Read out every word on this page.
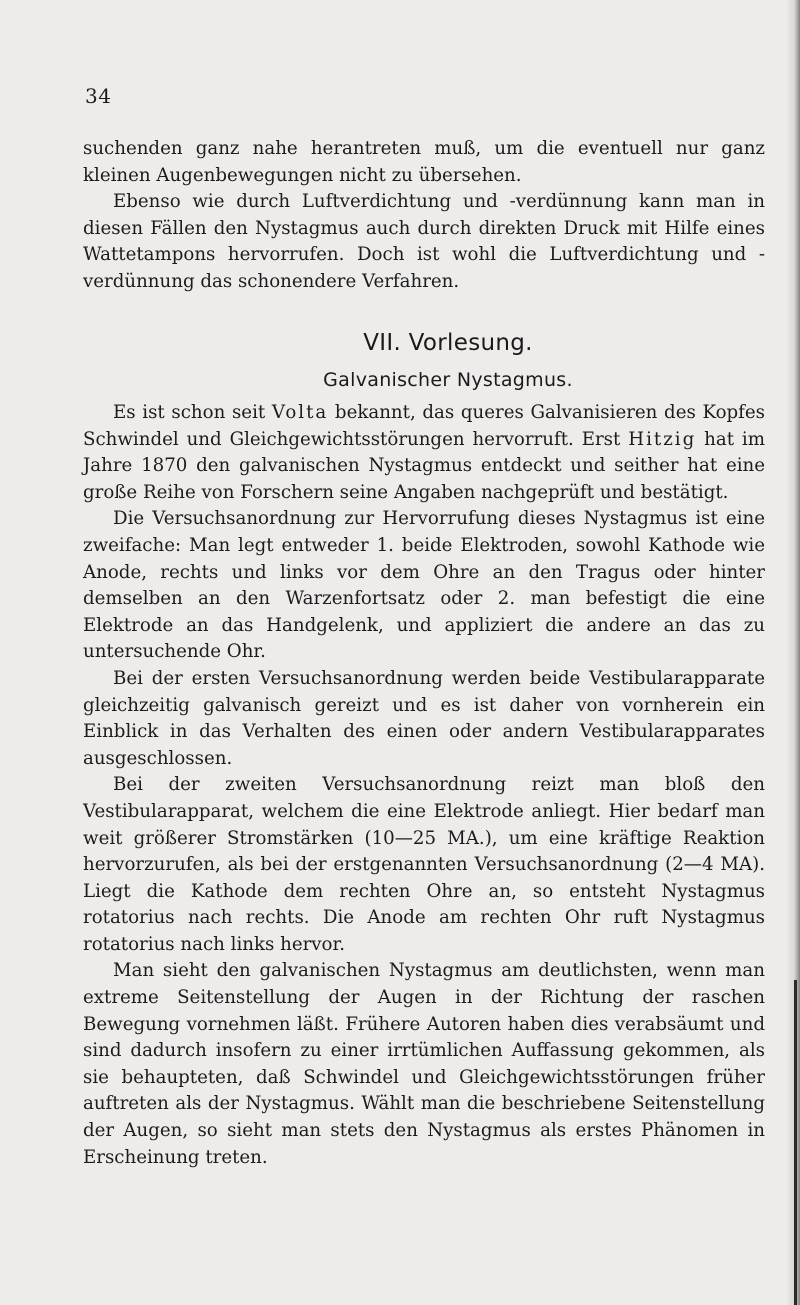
34

suchenden ganz nahe herantreten muß, um die eventuell nur ganz kleinen Augenbewegungen nicht zu übersehen.

Ebenso wie durch Luftverdichtung und -verdünnung kann man in diesen Fällen den Nystagmus auch durch direkten Druck mit Hilfe eines Wattetampons hervorrufen. Doch ist wohl die Luftverdichtung und -verdünnung das schonendere Verfahren.

VII. Vorlesung.
Galvanischer Nystagmus.

Es ist schon seit Volta bekannt, das queres Galvanisieren des Kopfes Schwindel und Gleichgewichtsstörungen hervorruft. Erst Hitzig hat im Jahre 1870 den galvanischen Nystagmus entdeckt und seither hat eine große Reihe von Forschern seine Angaben nachgeprüft und bestätigt.

Die Versuchsanordnung zur Hervorrufung dieses Nystagmus ist eine zweifache: Man legt entweder 1. beide Elektroden, sowohl Kathode wie Anode, rechts und links vor dem Ohre an den Tragus oder hinter demselben an den Warzenfortsatz oder 2. man befestigt die eine Elektrode an das Handgelenk, und appliziert die andere an das zu untersuchende Ohr.

Bei der ersten Versuchsanordnung werden beide Vestibularapparate gleichzeitig galvanisch gereizt und es ist daher von vornherein ein Einblick in das Verhalten des einen oder andern Vestibularapparates ausgeschlossen.

Bei der zweiten Versuchsanordnung reizt man bloß den Vestibularapparat, welchem die eine Elektrode anliegt. Hier bedarf man weit größerer Stromstärken (10—25 MA.), um eine kräftige Reaktion hervorzurufen, als bei der erstgenannten Versuchsanordnung (2—4 MA). Liegt die Kathode dem rechten Ohre an, so entsteht Nystagmus rotatorius nach rechts. Die Anode am rechten Ohr ruft Nystagmus rotatorius nach links hervor.

Man sieht den galvanischen Nystagmus am deutlichsten, wenn man extreme Seitenstellung der Augen in der Richtung der raschen Bewegung vornehmen läßt. Frühere Autoren haben dies verabsäumt und sind dadurch insofern zu einer irrtümlichen Auffassung gekommen, als sie behaupteten, daß Schwindel und Gleichgewichtsstörungen früher auftreten als der Nystagmus. Wählt man die beschriebene Seitenstellung der Augen, so sieht man stets den Nystagmus als erstes Phänomen in Erscheinung treten.
